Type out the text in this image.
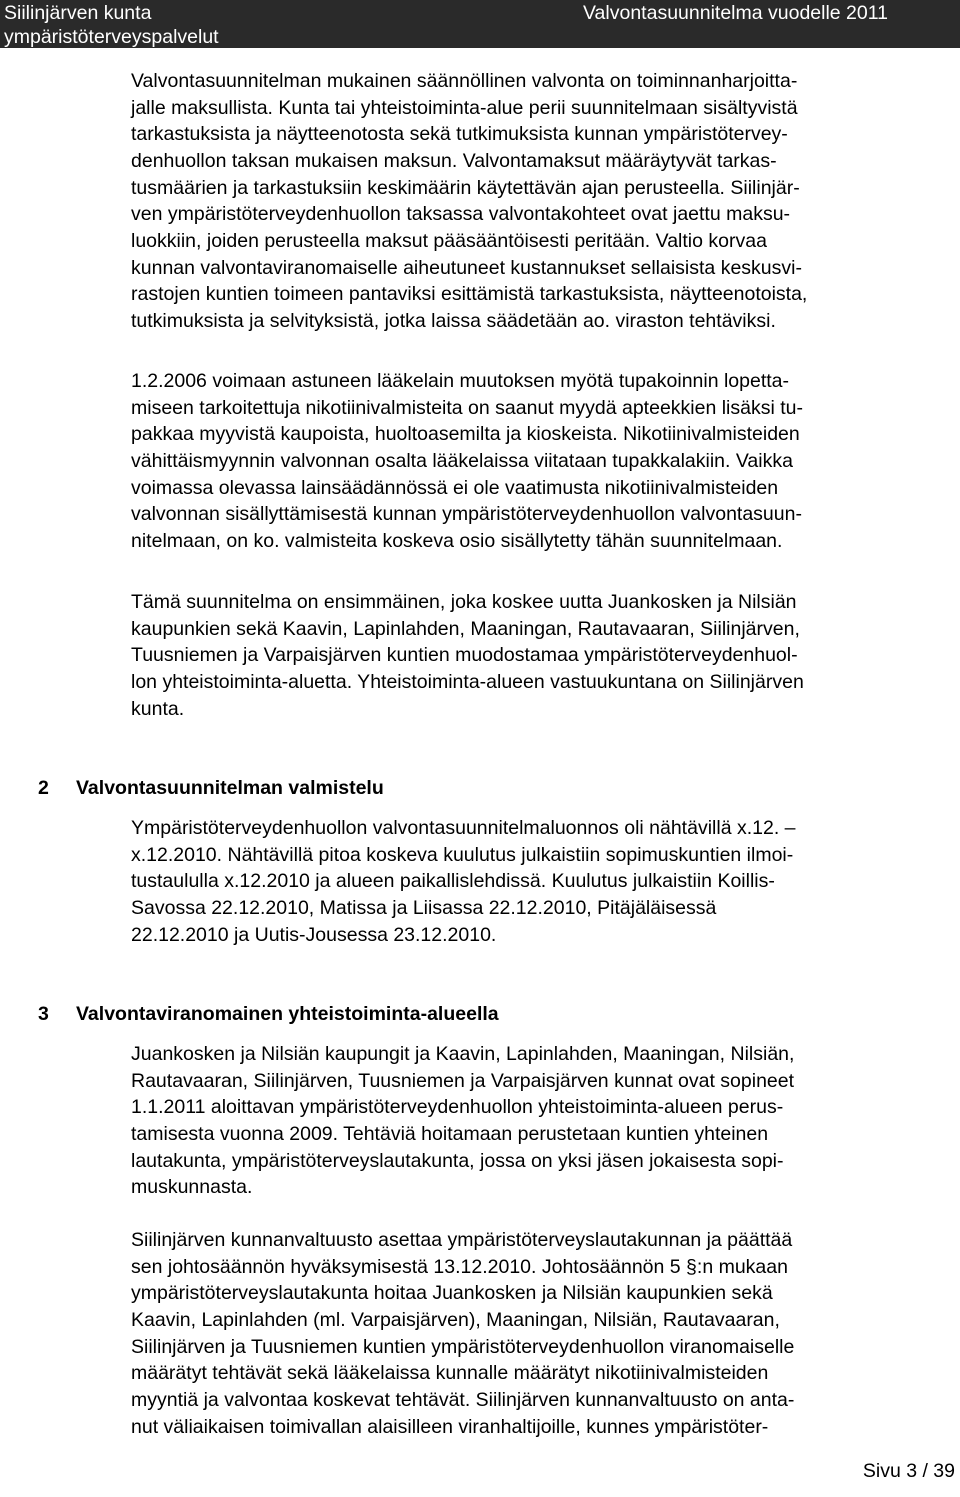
Siilinjärven kunta
ympäristöterveyspalvelut
Valvontasuunnitelma vuodelle 2011
Valvontasuunnitelman mukainen säännöllinen valvonta on toiminnanharjoitta-
jalle maksullista. Kunta tai yhteistoiminta-alue perii suunnitelmaan sisältyvistä
tarkastuksista ja näytteenotosta sekä tutkimuksista kunnan ympäristötervey-
denhuollon taksan mukaisen maksun. Valvontamaksut määräytyvät tarkas-
tusmäärien ja tarkastuksiin keskimäärin käytettävän ajan perusteella. Siilinjär-
ven ympäristöterveydenhuollon taksassa valvontakohteet ovat jaettu maksu-
luokkiin, joiden perusteella maksut pääsääntöisesti peritään. Valtio korvaa
kunnan valvontaviranomaiselle aiheutuneet kustannukset sellaisista keskusvi-
rastojen kuntien toimeen pantaviksi esittämistä tarkastuksista, näytteenotoista,
tutkimuksista ja selvityksistä, jotka laissa säädetään ao. viraston tehtäviksi.
1.2.2006 voimaan astuneen lääkelain muutoksen myötä tupakoinnin lopetta-
miseen tarkoitettuja nikotiinivalmisteita on saanut myydä apteekkien lisäksi tu-
pakkaa myyvistä kaupoista, huoltoasemilta ja kioskeista. Nikotiinivalmisteiden
vähittäismyynnin valvonnan osalta lääkelaissa viitataan tupakkalakiin. Vaikka
voimassa olevassa lainsäädännössä ei ole vaatimusta nikotiinivalmisteiden
valvonnan sisällyttämisestä kunnan ympäristöterveydenhuollon valvontasuun-
nitelmaan, on ko. valmisteita koskeva osio sisällytetty tähän suunnitelmaan.
Tämä suunnitelma on ensimmäinen, joka koskee uutta Juankosken ja Nilsiän
kaupunkien sekä Kaavin, Lapinlahden, Maaningan, Rautavaaran, Siilinjärven,
Tuusniemen ja Varpaisjärven kuntien muodostamaa ympäristöterveydenhuol-
lon yhteistoiminta-aluetta. Yhteistoiminta-alueen vastuukuntana on Siilinjärven
kunta.
2 Valvontasuunnitelman valmistelu
Ympäristöterveydenhuollon valvontasuunnitelmaluonnos oli nähtävillä x.12. –
x.12.2010. Nähtävillä pitoa koskeva kuulutus julkaistiin sopimuskuntien ilmoi-
tustaululla x.12.2010 ja alueen paikallislehdissä. Kuulutus julkaistiin Koillis-
Savossa 22.12.2010, Matissa ja Liisassa 22.12.2010, Pitäjäläisessä
22.12.2010 ja Uutis-Jousessa 23.12.2010.
3 Valvontaviranomainen yhteistoiminta-alueella
Juankosken ja Nilsiän kaupungit ja Kaavin, Lapinlahden, Maaningan, Nilsiän,
Rautavaaran, Siilinjärven, Tuusniemen ja Varpaisjärven kunnat ovat sopineet
1.1.2011 aloittavan ympäristöterveydenhuollon yhteistoiminta-alueen perus-
tamisesta vuonna 2009. Tehtäviä hoitamaan perustetaan kuntien yhteinen
lautakunta, ympäristöterveyslautakunta, jossa on yksi jäsen jokaisesta sopi-
muskunnasta.
Siilinjärven kunnanvaltuusto asettaa ympäristöterveyslautakunnan ja päättää
sen johtosäännön hyväksymisestä 13.12.2010. Johtosäännön 5 §:n mukaan
ympäristöterveyslautakunta hoitaa Juankosken ja Nilsiän kaupunkien sekä
Kaavin, Lapinlahden (ml. Varpaisjärven), Maaningan, Nilsiän, Rautavaaran,
Siilinjärven ja Tuusniemen kuntien ympäristöterveydenhuollon viranomaiselle
määrätyt tehtävät sekä lääkelaissa kunnalle määrätyt nikotiinivalmisteiden
myyntiä ja valvontaa koskevat tehtävät. Siilinjärven kunnanvaltuusto on antа-
nut väliaikaisen toimivallan alaisilleen viranhaltijoille, kunnes ympäristöter-
Sivu 3 / 39
